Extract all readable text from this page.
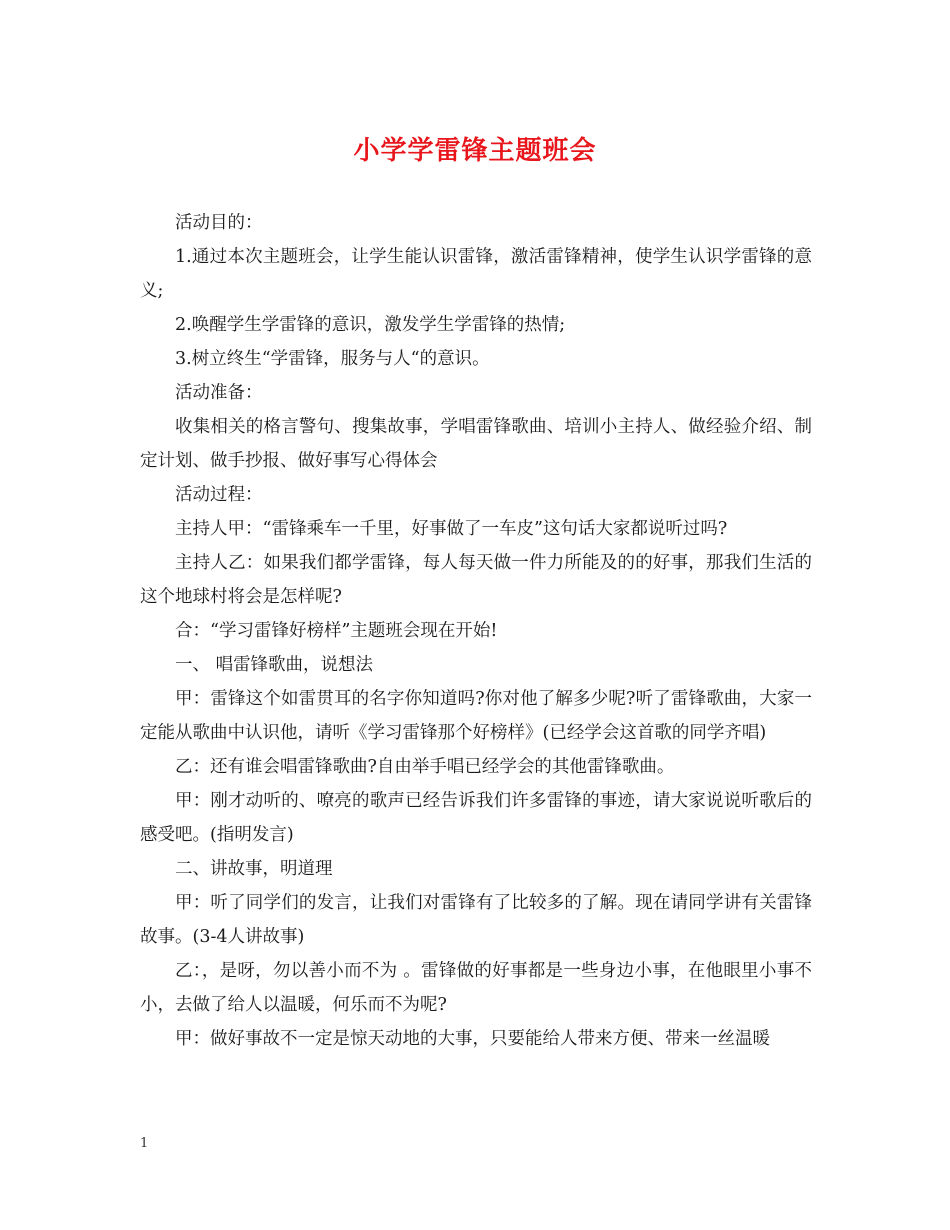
小学学雷锋主题班会

活动目的：

1.通过本次主题班会，让学生能认识雷锋，激活雷锋精神，使学生认识学雷锋的意义;

2.唤醒学生学雷锋的意识，激发学生学雷锋的热情;

3.树立终生“学雷锋，服务与人“的意识。

活动准备：

收集相关的格言警句、搜集故事，学唱雷锋歌曲、培训小主持人、做经验介绍、制定计划、做手抄报、做好事写心得体会

活动过程：

主持人甲：“雷锋乘车一千里，好事做了一车皮”这句话大家都说听过吗?

主持人乙：如果我们都学雷锋，每人每天做一件力所能及的的好事，那我们生活的这个地球村将会是怎样呢?

合：“学习雷锋好榜样”主题班会现在开始!

一、 唱雷锋歌曲，说想法

甲：雷锋这个如雷贯耳的名字你知道吗?你对他了解多少呢?听了雷锋歌曲，大家一定能从歌曲中认识他，请听《学习雷锋那个好榜样》(已经学会这首歌的同学齐唱)

乙：还有谁会唱雷锋歌曲?自由举手唱已经学会的其他雷锋歌曲。

甲：刚才动听的、嘹亮的歌声已经告诉我们许多雷锋的事迹，请大家说说听歌后的感受吧。(指明发言)

二、讲故事，明道理

甲：听了同学们的发言，让我们对雷锋有了比较多的了解。现在请同学讲有关雷锋故事。(3-4人讲故事)

乙：，是呀，勿以善小而不为 。雷锋做的好事都是一些身边小事，在他眼里小事不小，去做了给人以温暖，何乐而不为呢?

甲：做好事故不一定是惊天动地的大事，只要能给人带来方便、带来一丝温暖

1
